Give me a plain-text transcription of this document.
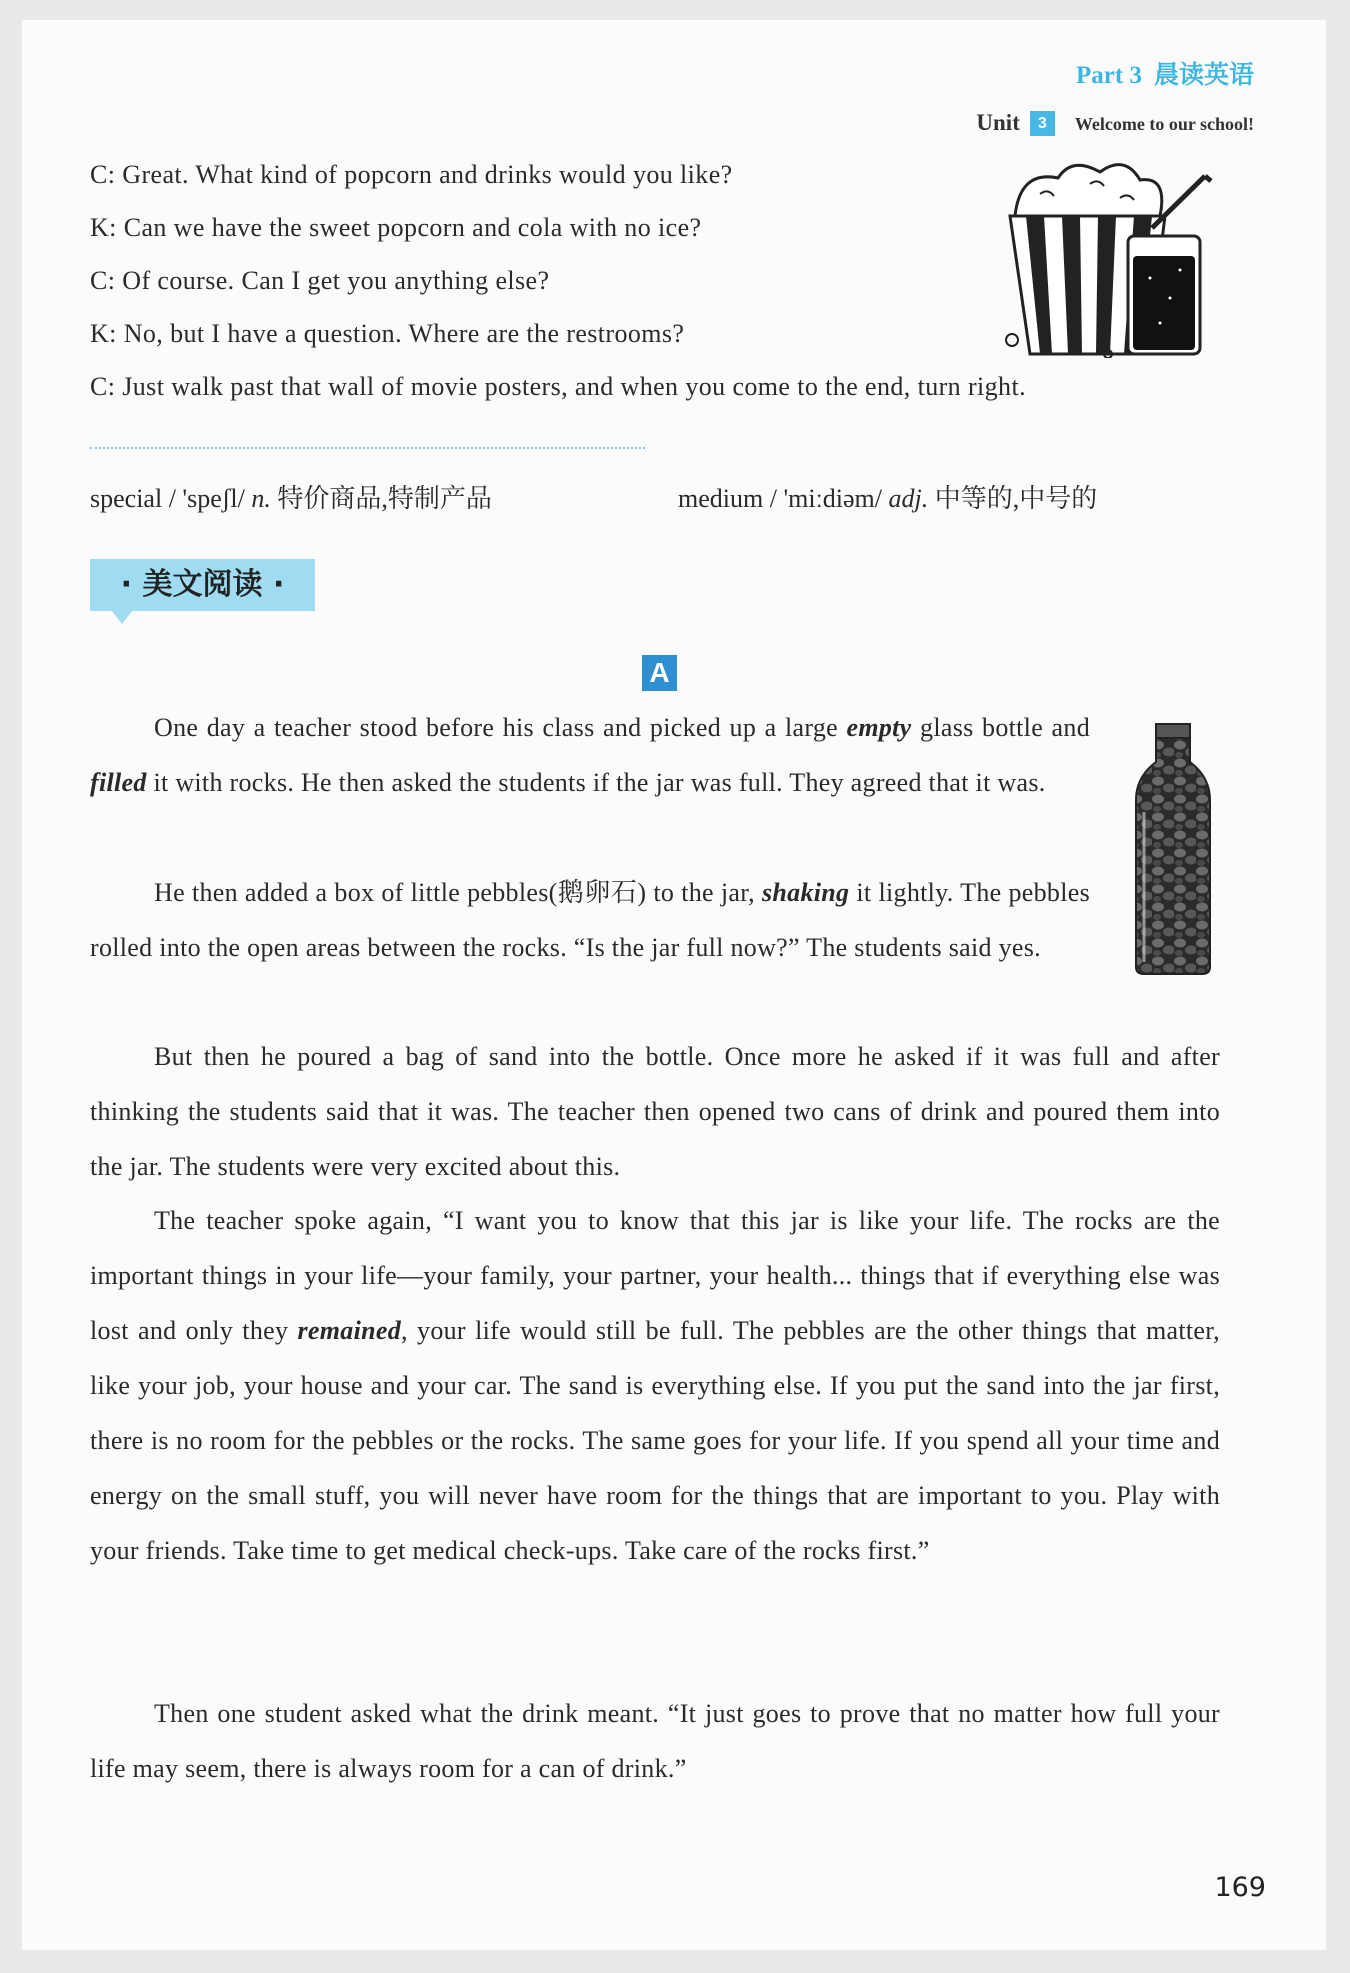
Part 3 晨读英语
Unit 3 Welcome to our school!
C: Great. What kind of popcorn and drinks would you like?
K: Can we have the sweet popcorn and cola with no ice?
C: Of course. Can I get you anything else?
K: No, but I have a question. Where are the restrooms?
C: Just walk past that wall of movie posters, and when you come to the end, turn right.
special / 'speʃl/ n. 特价商品,特制产品	medium / 'miːdiəm/ adj. 中等的,中号的
· 美文阅读 ·
A

One day a teacher stood before his class and picked up a large empty glass bottle and filled it with rocks. He then asked the students if the jar was full. They agreed that it was.

He then added a box of little pebbles(鹅卵石) to the jar, shaking it lightly. The pebbles rolled into the open areas between the rocks. “Is the jar full now?” The students said yes.

But then he poured a bag of sand into the bottle. Once more he asked if it was full and after thinking the students said that it was. The teacher then opened two cans of drink and poured them into the jar. The students were very excited about this.

The teacher spoke again, “I want you to know that this jar is like your life. The rocks are the important things in your life—your family, your partner, your health... things that if everything else was lost and only they remained, your life would still be full. The pebbles are the other things that matter, like your job, your house and your car. The sand is everything else. If you put the sand into the jar first, there is no room for the pebbles or the rocks. The same goes for your life. If you spend all your time and energy on the small stuff, you will never have room for the things that are important to you. Play with your friends. Take time to get medical check-ups. Take care of the rocks first.”

Then one student asked what the drink meant. “It just goes to prove that no matter how full your life may seem, there is always room for a can of drink.”

169
